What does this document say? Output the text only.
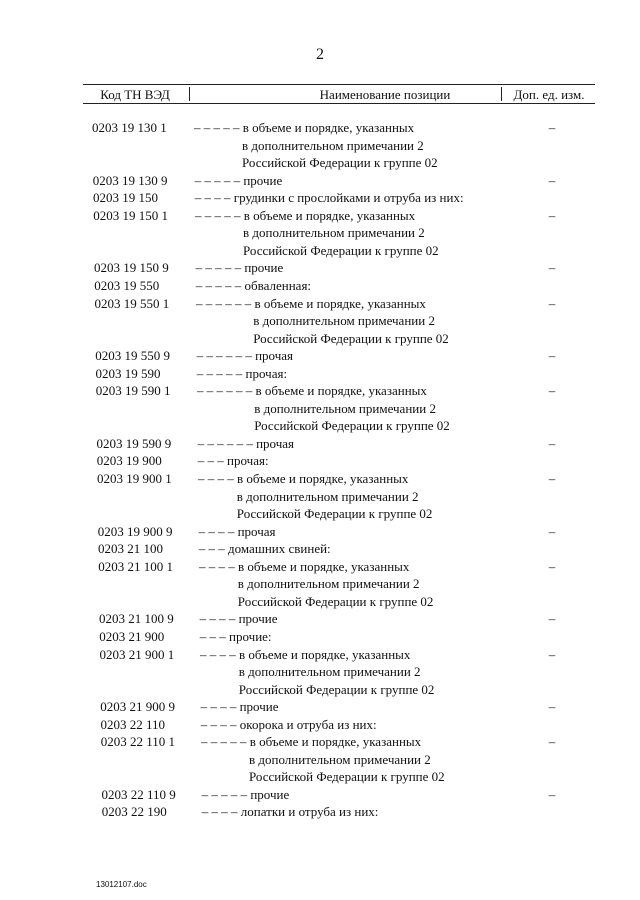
2
Код ТН ВЭД	Наименование позиции	Доп. ед. изм.
0203 19 130 1 – – – – – в объеме и порядке, указанных	–
в дополнительном примечании 2
Российской Федерации к группе 02
0203 19 130 9 – – – – – прочие	–
0203 19 150	– – – – грудинки с прослойками и отруба из них:
0203 19 150 1 – – – – – в объеме и порядке, указанных	–
в дополнительном примечании 2
Российской Федерации к группе 02
0203 19 150 9 – – – – – прочие	–
0203 19 550	– – – – – обваленная:
0203 19 550 1 – – – – – – в объеме и порядке, указанных	–
в дополнительном примечании 2
Российской Федерации к группе 02
0203 19 550 9 – – – – – – прочая	–
0203 19 590	– – – – – прочая:
0203 19 590 1 – – – – – – в объеме и порядке, указанных	–
в дополнительном примечании 2
Российской Федерации к группе 02
0203 19 590 9 – – – – – – прочая	–
0203 19 900	– – – прочая:
0203 19 900 1 – – – – в объеме и порядке, указанных	–
в дополнительном примечании 2
Российской Федерации к группе 02
0203 19 900 9 – – – – прочая	–
0203 21 100	– – – домашних свиней:
0203 21 100 1 – – – – в объеме и порядке, указанных	–
в дополнительном примечании 2
Российской Федерации к группе 02
0203 21 100 9 – – – – прочие	–
0203 21 900	– – – прочие:
0203 21 900 1 – – – – в объеме и порядке, указанных	–
в дополнительном примечании 2
Российской Федерации к группе 02
0203 21 900 9 – – – – прочие	–
0203 22 110	– – – – окорока и отруба из них:
0203 22 110 1 – – – – – в объеме и порядке, указанных	–
в дополнительном примечании 2
Российской Федерации к группе 02
0203 22 110 9 – – – – – прочие	–
0203 22 190	– – – – лопатки и отруба из них:
13012107.doc
